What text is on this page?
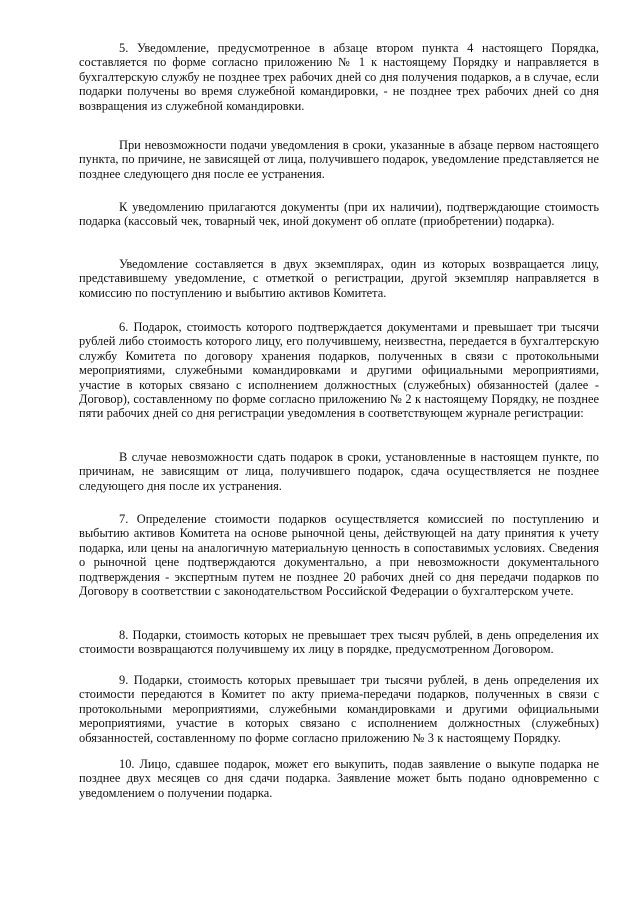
5. Уведомление, предусмотренное в абзаце втором пункта 4 настоящего Порядка, составляется по форме согласно приложению № 1 к настоящему Порядку и направляется в бухгалтерскую службу не позднее трех рабочих дней со дня получения подарков, а в случае, если подарки получены во время служебной командировки, - не позднее трех рабочих дней со дня возвращения из служебной командировки.

При невозможности подачи уведомления в сроки, указанные в абзаце первом настоящего пункта, по причине, не зависящей от лица, получившего подарок, уведомление представляется не позднее следующего дня после ее устранения.

К уведомлению прилагаются документы (при их наличии), подтверждающие стоимость подарка (кассовый чек, товарный чек, иной документ об оплате (приобретении) подарка).

Уведомление составляется в двух экземплярах, один из которых возвращается лицу, представившему уведомление, с отметкой о регистрации, другой экземпляр направляется в комиссию по поступлению и выбытию активов Комитета.

6. Подарок, стоимость которого подтверждается документами и превышает три тысячи рублей либо стоимость которого лицу, его получившему, неизвестна, передается в бухгалтерскую службу Комитета по договору хранения подарков, полученных в связи с протокольными мероприятиями, служебными командировками и другими официальными мероприятиями, участие в которых связано с исполнением должностных (служебных) обязанностей (далее - Договор), составленному по форме согласно приложению № 2 к настоящему Порядку, не позднее пяти рабочих дней со дня регистрации уведомления в соответствующем журнале регистрации:

В случае невозможности сдать подарок в сроки, установленные в настоящем пункте, по причинам, не зависящим от лица, получившего подарок, сдача осуществляется не позднее следующего дня после их устранения.

7. Определение стоимости подарков осуществляется комиссией по поступлению и выбытию активов Комитета на основе рыночной цены, действующей на дату принятия к учету подарка, или цены на аналогичную материальную ценность в сопоставимых условиях. Сведения о рыночной цене подтверждаются документально, а при невозможности документального подтверждения - экспертным путем не позднее 20 рабочих дней со дня передачи подарков по Договору в соответствии с законодательством Российской Федерации о бухгалтерском учете.

8. Подарки, стоимость которых не превышает трех тысяч рублей, в день определения их стоимости возвращаются получившему их лицу в порядке, предусмотренном Договором.

9. Подарки, стоимость которых превышает три тысячи рублей, в день определения их стоимости передаются в Комитет по акту приема-передачи подарков, полученных в связи с протокольными мероприятиями, служебными командировками и другими официальными мероприятиями, участие в которых связано с исполнением должностных (служебных) обязанностей, составленному по форме согласно приложению № 3 к настоящему Порядку.

10. Лицо, сдавшее подарок, может его выкупить, подав заявление о выкупе подарка не позднее двух месяцев со дня сдачи подарка. Заявление может быть подано одновременно с уведомлением о получении подарка.
